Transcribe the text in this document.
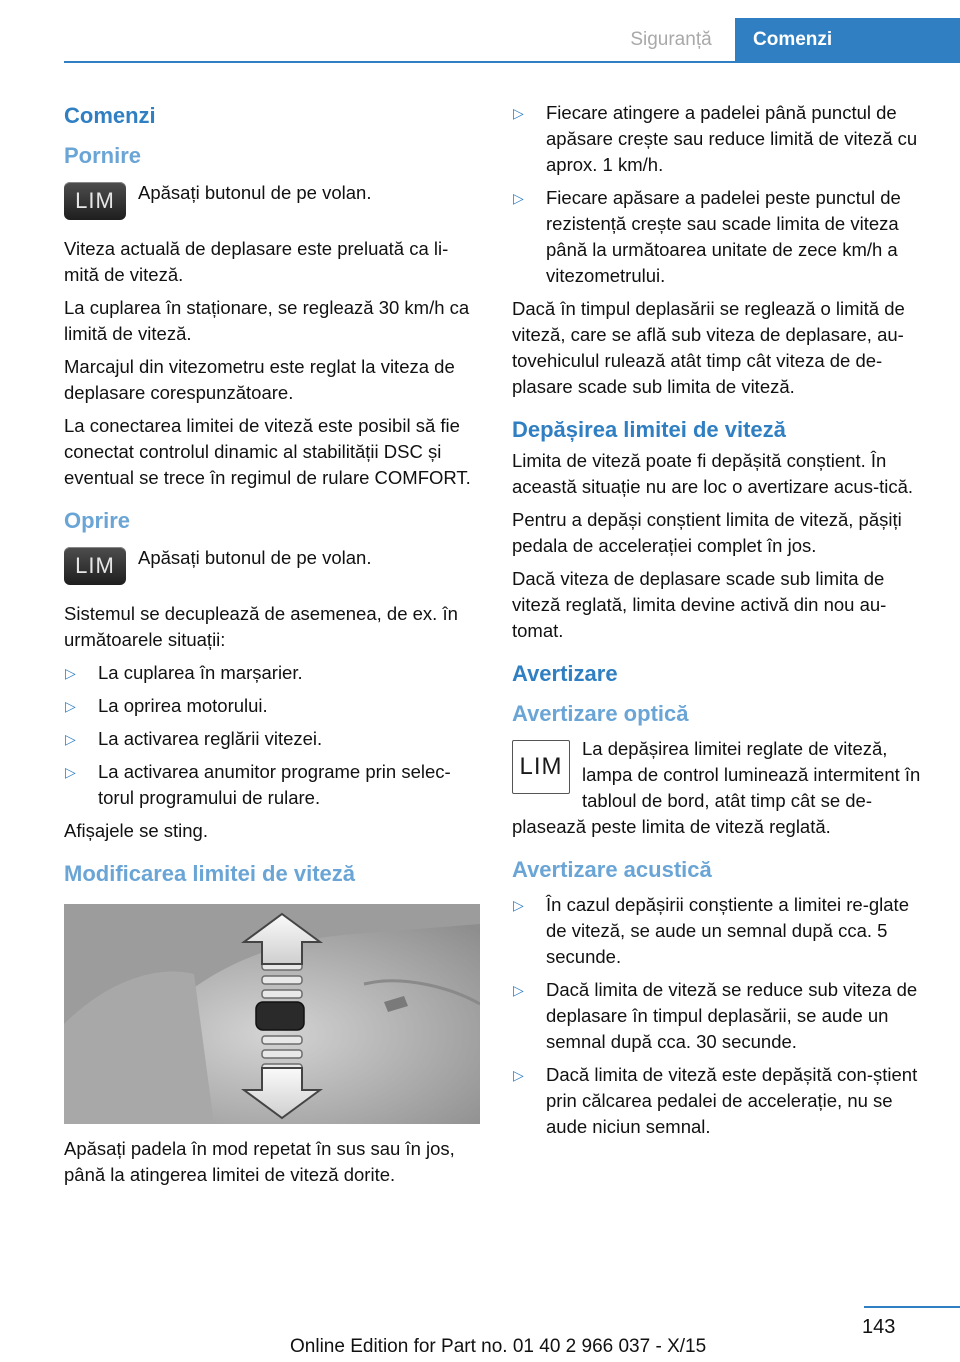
Siguranță	Comenzi
Comenzi
Pornire
LIM	Apăsați butonul de pe volan.

Viteza actuală de deplasare este preluată ca li-mită de viteză.

La cuplarea în staționare, se reglează 30 km/h ca limită de viteză.

Marcajul din vitezometru este reglat la viteza de deplasare corespunzătoare.

La conectarea limitei de viteză este posibil să fie conectat controlul dinamic al stabilității DSC și eventual se trece în regimul de rulare COMFORT.

Oprire
LIM	Apăsați butonul de pe volan.

Sistemul se decuplează de asemenea, de ex. în următoarele situații:

▷ La cuplarea în marșarier.
▷ La oprirea motorului.
▷ La activarea reglării vitezei.
▷ La activarea anumitor programe prin selec-torul programului de rulare.

Afișajele se sting.

Modificarea limitei de viteză

Apăsați padela în mod repetat în sus sau în jos, până la atingerea limitei de viteză dorite.

▷ Fiecare atingere a padelei până punctul de apăsare crește sau reduce limită de viteză cu aprox. 1 km/h.
▷ Fiecare apăsare a padelei peste punctul de rezistență crește sau scade limita de viteza până la următoarea unitate de zece km/h a vitezometrului.

Dacă în timpul deplasării se reglează o limită de viteză, care se află sub viteza de deplasare, au-tovehiculul rulează atât timp cât viteza de de-plasare scade sub limita de viteză.

Depășirea limitei de viteză

Limita de viteză poate fi depășită conștient. În această situație nu are loc o avertizare acus-tică.

Pentru a depăși conștient limita de viteză, pășiți pedala de accelerației complet în jos.

Dacă viteza de deplasare scade sub limita de viteză reglată, limita devine activă din nou au-tomat.

Avertizare
Avertizare optică
LIM

La depășirea limitei reglate de viteză, lampa de control luminează intermitent în tabloul de bord, atât timp cât se de-plasează peste limita de viteză reglată.

Avertizare acustică
▷ În cazul depășirii conștiente a limitei re-glate de viteză, se aude un semnal după cca. 5 secunde.
▷ Dacă limita de viteză se reduce sub viteza de deplasare în timpul deplasării, se aude un semnal după cca. 30 secunde.
▷ Dacă limita de viteză este depășită con-știent prin călcarea pedalei de accelerație, nu se aude niciun semnal.
143
Online Edition for Part no. 01 40 2 966 037 - X/15
